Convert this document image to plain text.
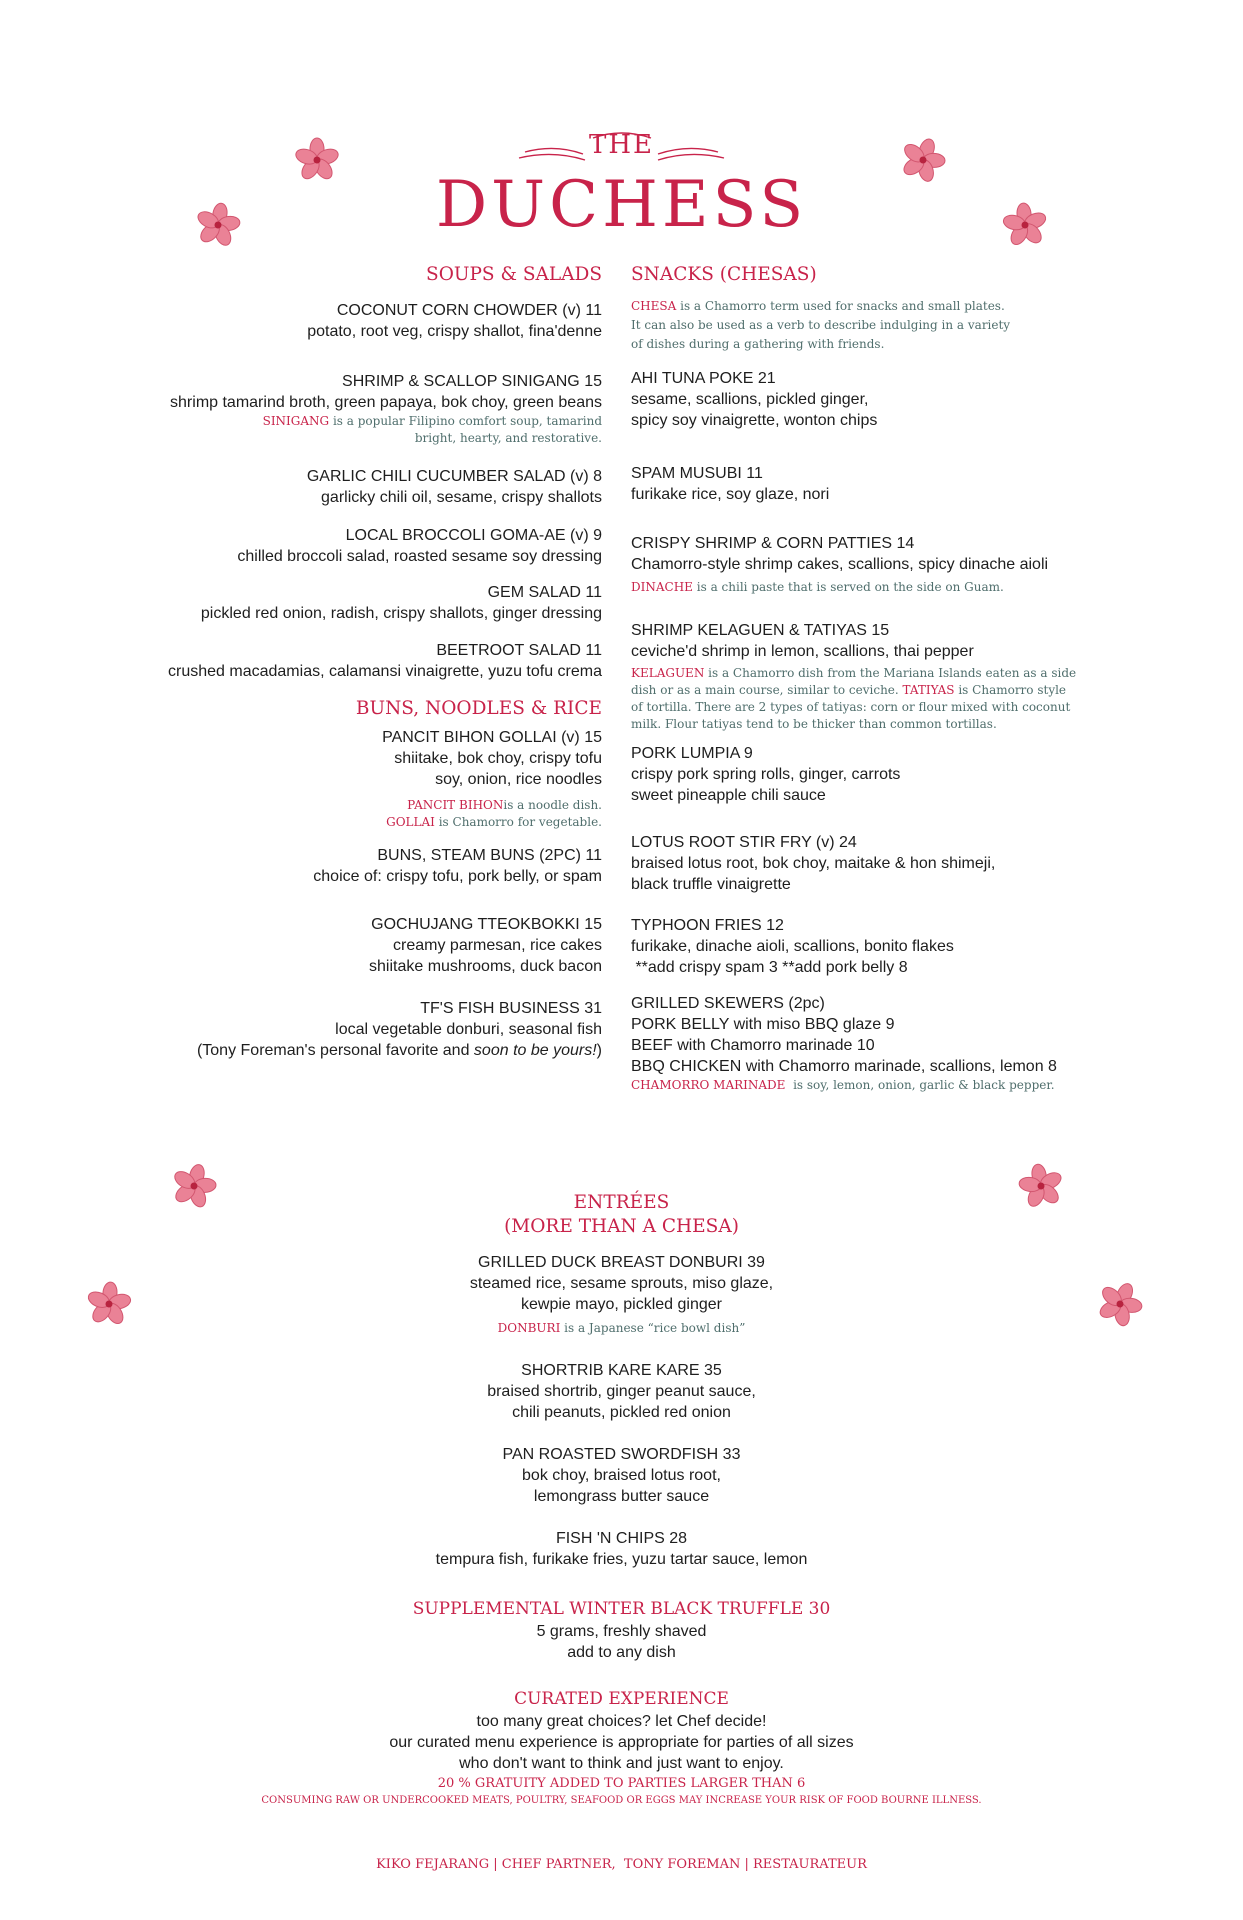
THE
DUCHESS
SOUPS & SALADS
COCONUT CORN CHOWDER (v) 11
potato, root veg, crispy shallot, fina'denne
SHRIMP & SCALLOP SINIGANG 15
shrimp tamarind broth, green papaya, bok choy, green beans
SINIGANG is a popular Filipino comfort soup, tamarind
bright, hearty, and restorative.
GARLIC CHILI CUCUMBER SALAD (v) 8
garlicky chili oil, sesame, crispy shallots
LOCAL BROCCOLI GOMA-AE (v) 9
chilled broccoli salad, roasted sesame soy dressing
GEM SALAD 11
pickled red onion, radish, crispy shallots, ginger dressing
BEETROOT SALAD 11
crushed macadamias, calamansi vinaigrette, yuzu tofu crema
BUNS, NOODLES & RICE
PANCIT BIHON GOLLAI (v) 15
shiitake, bok choy, crispy tofu
soy, onion, rice noodles
PANCIT BIHONis a noodle dish.
GOLLAI is Chamorro for vegetable.
BUNS, STEAM BUNS (2PC) 11
choice of: crispy tofu, pork belly, or spam
GOCHUJANG TTEOKBOKKI 15
creamy parmesan, rice cakes
shiitake mushrooms, duck bacon
TF'S FISH BUSINESS 31
local vegetable donburi, seasonal fish
(Tony Foreman's personal favorite and soon to be yours!)
SNACKS (CHESAS)
CHESA is a Chamorro term used for snacks and small plates.
It can also be used as a verb to describe indulging in a variety
of dishes during a gathering with friends.
AHI TUNA POKE 21
sesame, scallions, pickled ginger,
spicy soy vinaigrette, wonton chips
SPAM MUSUBI 11
furikake rice, soy glaze, nori
CRISPY SHRIMP & CORN PATTIES 14
Chamorro-style shrimp cakes, scallions, spicy dinache aioli
DINACHE is a chili paste that is served on the side on Guam.
SHRIMP KELAGUEN & TATIYAS 15
ceviche'd shrimp in lemon, scallions, thai pepper
KELAGUEN is a Chamorro dish from the Mariana Islands eaten as a side
dish or as a main course, similar to ceviche. TATIYAS is Chamorro style
of tortilla. There are 2 types of tatiyas: corn or flour mixed with coconut
milk. Flour tatiyas tend to be thicker than common tortillas.
PORK LUMPIA 9
crispy pork spring rolls, ginger, carrots
sweet pineapple chili sauce
LOTUS ROOT STIR FRY (v) 24
braised lotus root, bok choy, maitake & hon shimeji,
black truffle vinaigrette
TYPHOON FRIES 12
furikake, dinache aioli, scallions, bonito flakes
**add crispy spam 3 **add pork belly 8
GRILLED SKEWERS (2pc)
PORK BELLY with miso BBQ glaze 9
BEEF with Chamorro marinade 10
BBQ CHICKEN with Chamorro marinade, scallions, lemon 8
CHAMORRO MARINADE  is soy, lemon, onion, garlic & black pepper.
ENTRÉES
(MORE THAN A CHESA)
GRILLED DUCK BREAST DONBURI 39
steamed rice, sesame sprouts, miso glaze,
kewpie mayo, pickled ginger
DONBURI is a Japanese “rice bowl dish”
SHORTRIB KARE KARE 35
braised shortrib, ginger peanut sauce,
chili peanuts, pickled red onion
PAN ROASTED SWORDFISH 33
bok choy, braised lotus root,
lemongrass butter sauce
FISH 'N CHIPS 28
tempura fish, furikake fries, yuzu tartar sauce, lemon
SUPPLEMENTAL WINTER BLACK TRUFFLE 30
5 grams, freshly shaved
add to any dish
CURATED EXPERIENCE
too many great choices? let Chef decide!
our curated menu experience is appropriate for parties of all sizes
who don't want to think and just want to enjoy.
20 % GRATUITY ADDED TO PARTIES LARGER THAN 6
CONSUMING RAW OR UNDERCOOKED MEATS, POULTRY, SEAFOOD OR EGGS MAY INCREASE YOUR RISK OF FOOD BOURNE ILLNESS.
KIKO FEJARANG | CHEF PARTNER,  TONY FOREMAN | RESTAURATEUR
